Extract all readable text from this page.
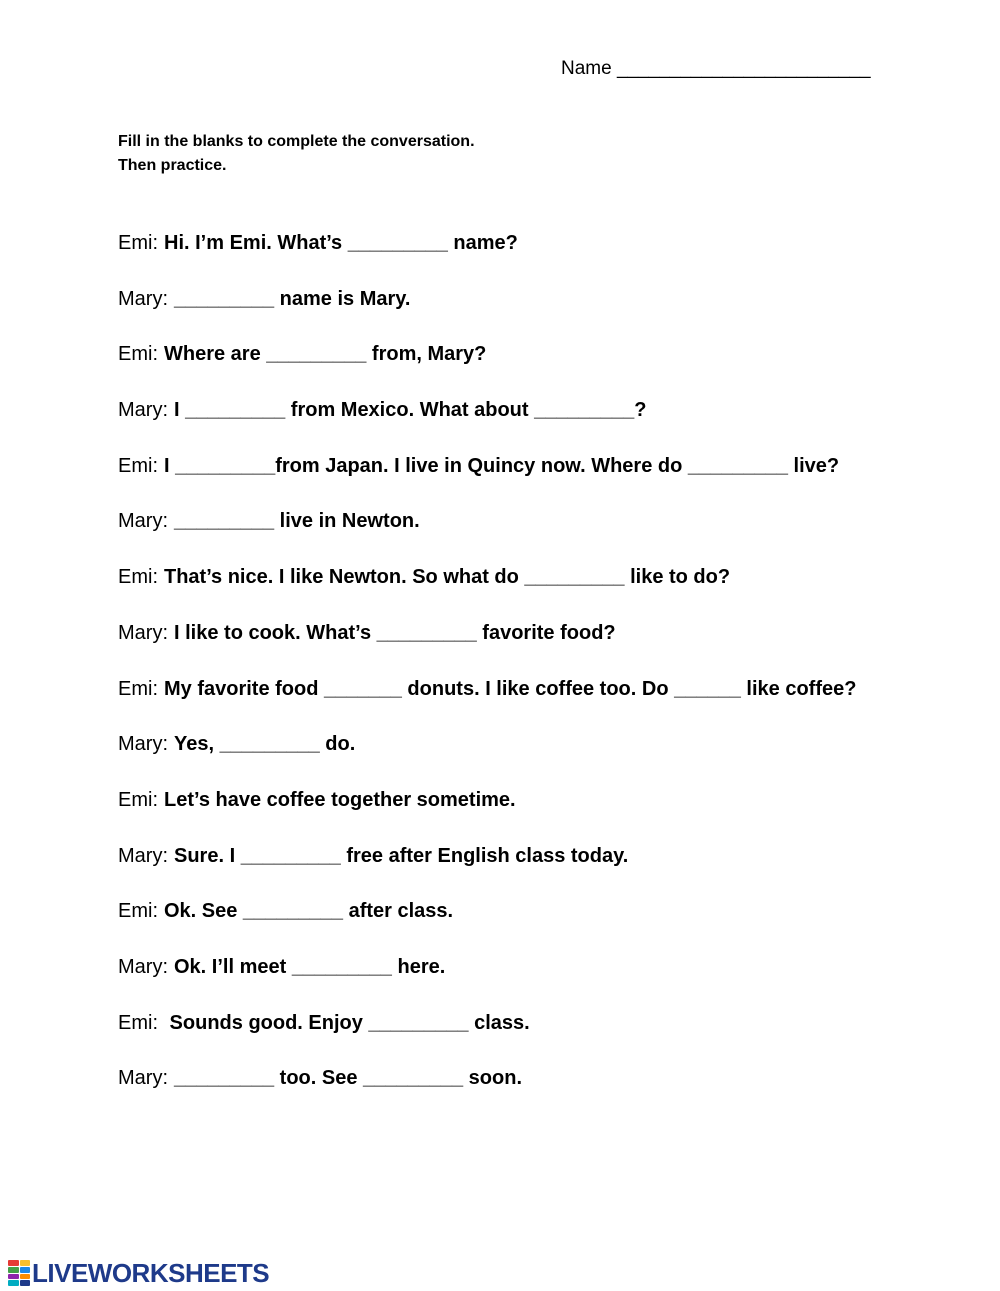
Name ________________________
Fill in the blanks to complete the conversation.
Then practice.
Emi: Hi. I’m Emi. What’s _________ name?
Mary: _________ name is Mary.
Emi: Where are _________ from, Mary?
Mary: I _________ from Mexico. What about _________?
Emi: I _________from Japan. I live in Quincy now. Where do _________ live?
Mary: _________ live in Newton.
Emi: That’s nice. I like Newton. So what do _________ like to do?
Mary: I like to cook. What’s _________ favorite food?
Emi: My favorite food _______ donuts. I like coffee too. Do ______ like coffee?
Mary: Yes, _________ do.
Emi: Let’s have coffee together sometime.
Mary: Sure. I _________ free after English class today.
Emi: Ok. See _________ after class.
Mary: Ok. I’ll meet _________ here.
Emi: Sounds good. Enjoy _________ class.
Mary: _________ too. See _________ soon.
LIVEWORKSHEETS
